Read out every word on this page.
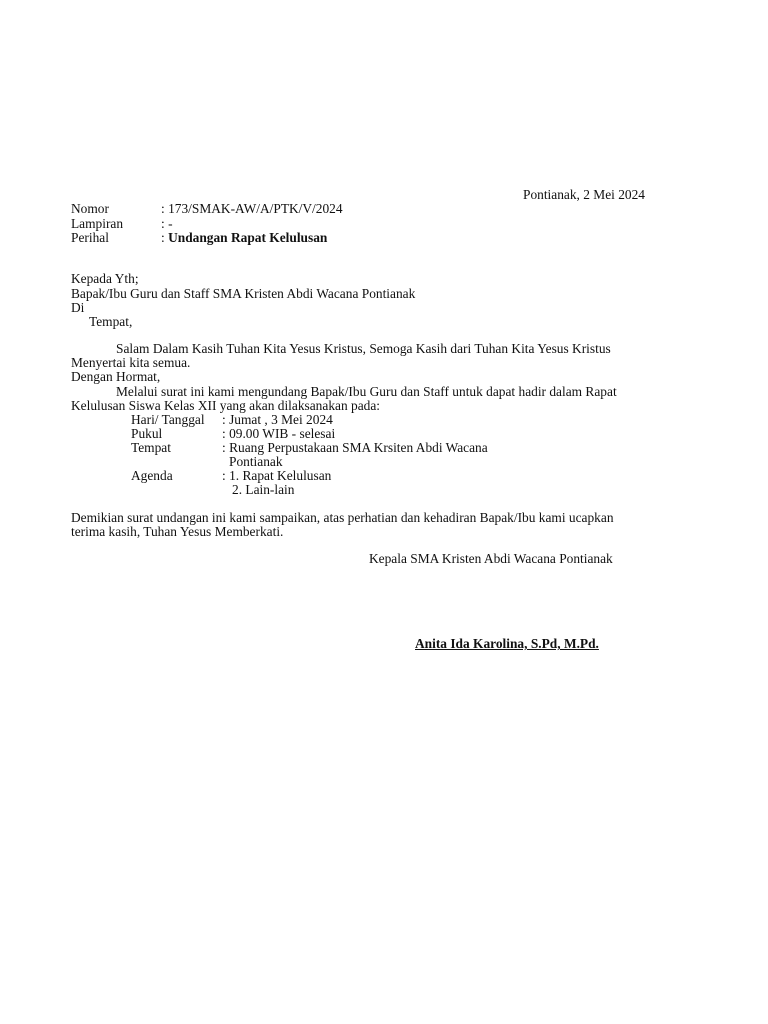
Pontianak, 2 Mei 2024
Nomor	: 173/SMAK-AW/A/PTK/V/2024
Lampiran	: -
Perihal	: Undangan Rapat Kelulusan
Kepada Yth;
Bapak/Ibu Guru dan Staff SMA Kristen Abdi Wacana Pontianak
Di
Tempat,
Salam Dalam Kasih Tuhan Kita Yesus Kristus, Semoga Kasih dari Tuhan Kita Yesus Kristus
Menyertai kita semua.
Dengan Hormat,
Melalui surat ini kami mengundang Bapak/Ibu Guru dan Staff untuk dapat hadir dalam Rapat
Kelulusan Siswa Kelas XII yang akan dilaksanakan pada:
Hari/ Tanggal : Jumat , 3 Mei 2024
Pukul	: 09.00 WIB - selesai
Tempat	: Ruang Perpustakaan SMA Krsiten Abdi Wacana
Pontianak
Agenda	: 1. Rapat Kelulusan
2. Lain-lain
Demikian surat undangan ini kami sampaikan, atas perhatian dan kehadiran Bapak/Ibu kami ucapkan
terima kasih, Tuhan Yesus Memberkati.
Kepala SMA Kristen Abdi Wacana Pontianak
Anita Ida Karolina, S.Pd, M.Pd.
